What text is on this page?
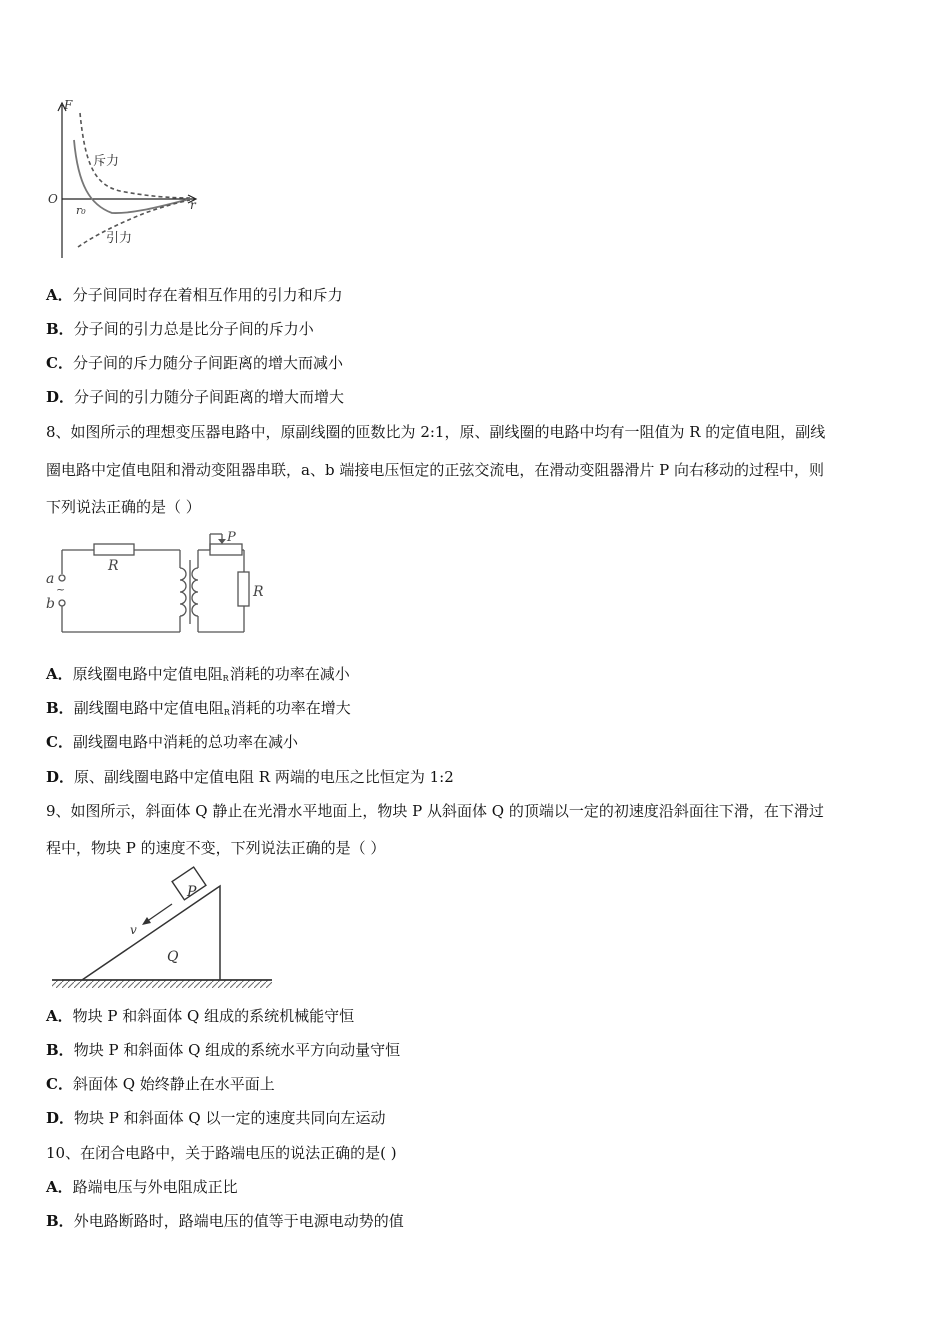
F
r
O
r₀
斥力
引力
A．分子间同时存在着相互作用的引力和斥力
B．分子间的引力总是比分子间的斥力小
C．分子间的斥力随分子间距离的增大而减小
D．分子间的引力随分子间距离的增大而增大
8、如图所示的理想变压器电路中，原副线圈的匝数比为 2:1，原、副线圈的电路中均有一阻值为 R 的定值电阻，副线
圈电路中定值电阻和滑动变阻器串联，a、b 端接电压恒定的正弦交流电，在滑动变阻器滑片 P 向右移动的过程中，则
下列说法正确的是（ ）
R
R
P
a
b
~
A．原线圈电路中定值电阻$_R$消耗的功率在减小
B．副线圈电路中定值电阻$_R$消耗的功率在增大
C．副线圈电路中消耗的总功率在减小
D．原、副线圈电路中定值电阻 R 两端的电压之比恒定为 1:2
9、如图所示，斜面体 Q 静止在光滑水平地面上，物块 P 从斜面体 Q 的顶端以一定的初速度沿斜面往下滑，在下滑过
程中，物块 P 的速度不变，下列说法正确的是（ ）
P
Q
v
A．物块 P 和斜面体 Q 组成的系统机械能守恒
B．物块 P 和斜面体 Q 组成的系统水平方向动量守恒
C．斜面体 Q 始终静止在水平面上
D．物块 P 和斜面体 Q 以一定的速度共同向左运动
10、在闭合电路中，关于路端电压的说法正确的是( )
A．路端电压与外电阻成正比
B．外电路断路时，路端电压的值等于电源电动势的值
